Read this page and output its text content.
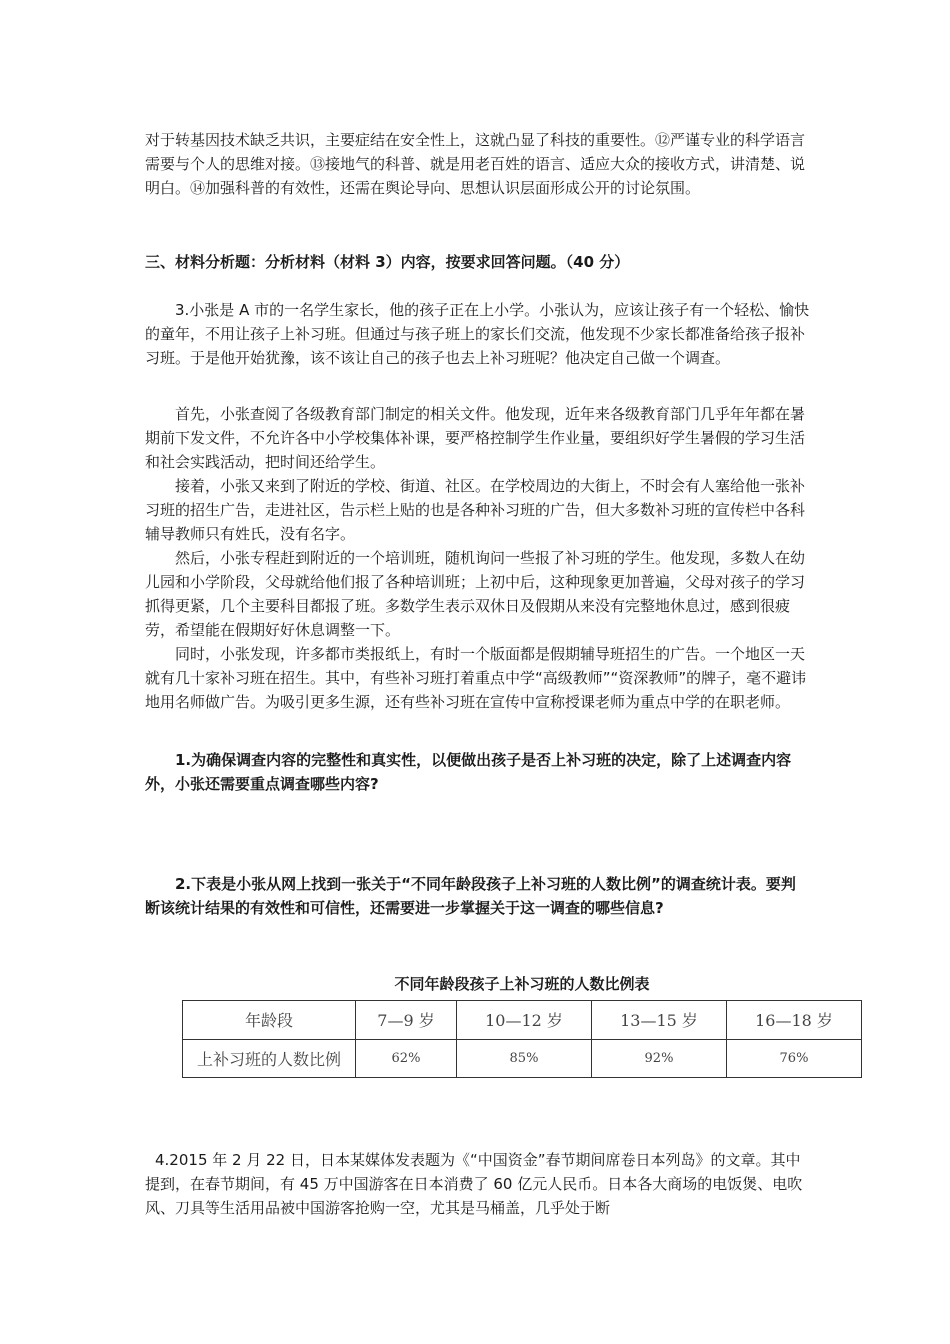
对于转基因技术缺乏共识，主要症结在安全性上，这就凸显了科技的重要性。⑫严谨专业的科学语言需要与个人的思维对接。⑬接地气的科普、就是用老百姓的语言、适应大众的接收方式，讲清楚、说明白。⑭加强科普的有效性，还需在舆论导向、思想认识层面形成公开的讨论氛围。

三、材料分析题：分析材料（材料 3）内容，按要求回答问题。（40 分）

3.小张是 A 市的一名学生家长，他的孩子正在上小学。小张认为，应该让孩子有一个轻松、愉快的童年，不用让孩子上补习班。但通过与孩子班上的家长们交流，他发现不少家长都准备给孩子报补习班。于是他开始犹豫，该不该让自己的孩子也去上补习班呢？他决定自己做一个调查。

首先，小张查阅了各级教育部门制定的相关文件。他发现，近年来各级教育部门几乎年年都在暑期前下发文件，不允许各中小学校集体补课，要严格控制学生作业量，要组织好学生暑假的学习生活和社会实践活动，把时间还给学生。

接着，小张又来到了附近的学校、街道、社区。在学校周边的大街上，不时会有人塞给他一张补习班的招生广告，走进社区，告示栏上贴的也是各种补习班的广告，但大多数补习班的宣传栏中各科辅导教师只有姓氏，没有名字。

然后，小张专程赶到附近的一个培训班，随机询问一些报了补习班的学生。他发现，多数人在幼儿园和小学阶段，父母就给他们报了各种培训班；上初中后，这种现象更加普遍，父母对孩子的学习抓得更紧，几个主要科目都报了班。多数学生表示双休日及假期从来没有完整地休息过，感到很疲劳，希望能在假期好好休息调整一下。

同时，小张发现，许多都市类报纸上，有时一个版面都是假期辅导班招生的广告。一个地区一天就有几十家补习班在招生。其中，有些补习班打着重点中学“高级教师”“资深教师”的牌子，毫不避讳地用名师做广告。为吸引更多生源，还有些补习班在宣传中宣称授课老师为重点中学的在职老师。

1.为确保调查内容的完整性和真实性，以便做出孩子是否上补习班的决定，除了上述调查内容外，小张还需要重点调查哪些内容?

2.下表是小张从网上找到一张关于“不同年龄段孩子上补习班的人数比例”的调查统计表。要判断该统计结果的有效性和可信性，还需要进一步掌握关于这一调查的哪些信息?

不同年龄段孩子上补习班的人数比例表
年龄段	7—9 岁	10—12 岁	13—15 岁	16—18 岁
上补习班的人数比例	62%	85%	92%	76%

4.2015 年 2 月 22 日，日本某媒体发表题为《“中国资金”春节期间席卷日本列岛》的文章。其中提到，在春节期间，有 45 万中国游客在日本消费了 60 亿元人民币。日本各大商场的电饭煲、电吹风、刀具等生活用品被中国游客抢购一空，尤其是马桶盖，几乎处于断
